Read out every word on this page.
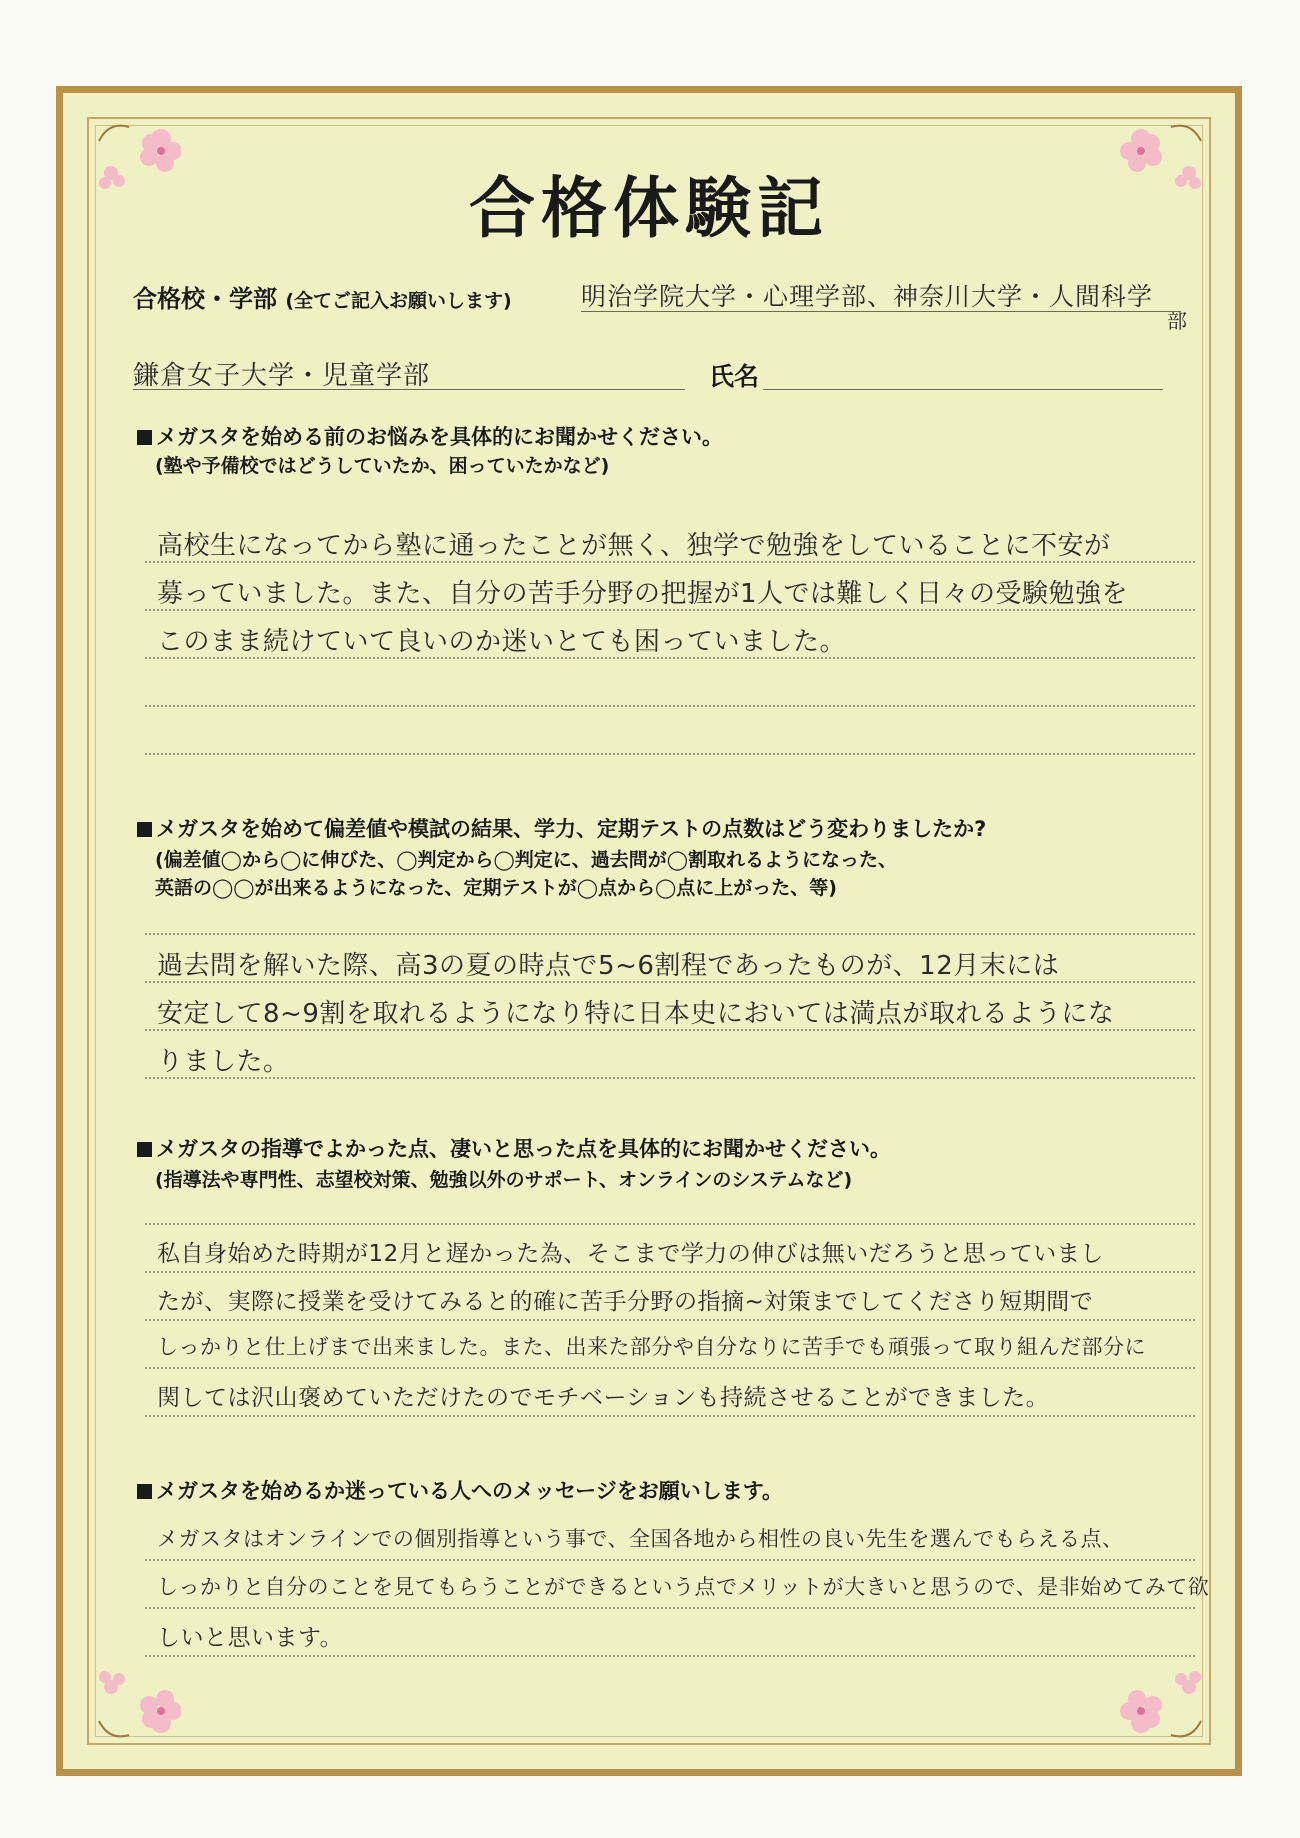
合格体験記
合格校・学部 (全てご記入お願いします)	明治学院大学・心理学部、神奈川大学・人間科学
部
鎌倉女子大学・児童学部	氏名
メガスタを始める前のお悩みを具体的にお聞かせください。
(塾や予備校ではどうしていたか、困っていたかなど)
高校生になってから塾に通ったことが無く、独学で勉強をしていることに不安が
募っていました。また、自分の苦手分野の把握が1人では難しく日々の受験勉強を
このまま続けていて良いのか迷いとても困っていました。
メガスタを始めて偏差値や模試の結果、学力、定期テストの点数はどう変わりましたか?
(偏差値◯から◯に伸びた、◯判定から◯判定に、過去問が◯割取れるようになった、
英語の◯◯が出来るようになった、定期テストが◯点から◯点に上がった、等)
過去問を解いた際、高3の夏の時点で5~6割程であったものが、12月末には
安定して8~9割を取れるようになり特に日本史においては満点が取れるようにな
りました。
メガスタの指導でよかった点、凄いと思った点を具体的にお聞かせください。
(指導法や専門性、志望校対策、勉強以外のサポート、オンラインのシステムなど)
私自身始めた時期が12月と遅かった為、そこまで学力の伸びは無いだろうと思っていまし
たが、実際に授業を受けてみると的確に苦手分野の指摘~対策までしてくださり短期間で
しっかりと仕上げまで出来ました。また、出来た部分や自分なりに苦手でも頑張って取り組んだ部分に
関しては沢山褒めていただけたのでモチベーションも持続させることができました。
メガスタを始めるか迷っている人へのメッセージをお願いします。
メガスタはオンラインでの個別指導という事で、全国各地から相性の良い先生を選んでもらえる点、
しっかりと自分のことを見てもらうことができるという点でメリットが大きいと思うので、是非始めてみて欲
しいと思います。
